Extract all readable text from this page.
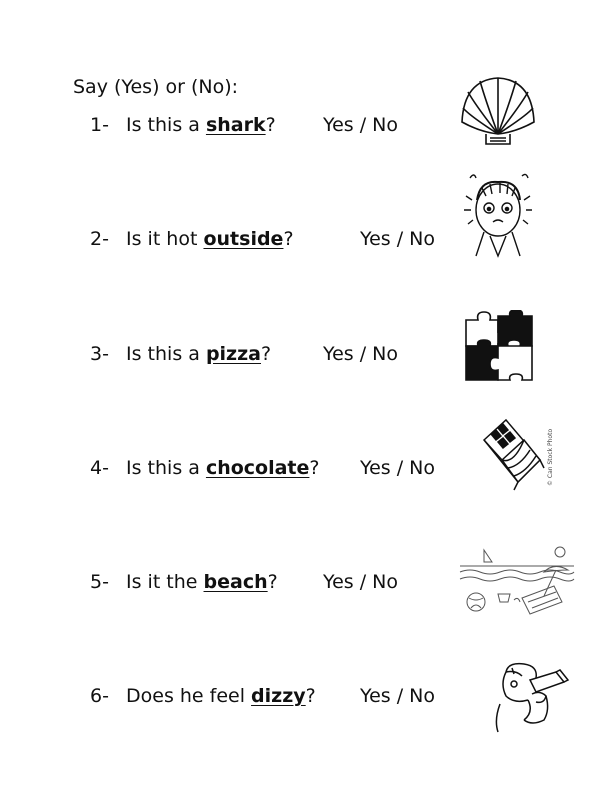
Say (Yes) or (No):
1- Is this a shark? Yes / No
2- Is it hot outside?	Yes / No
3- Is this a pizza?	Yes / No
4- Is this a chocolate? Yes / No	© Can Stock Photo
5- Is it the beach? Yes / No
6- Does he feel dizzy? Yes / No
